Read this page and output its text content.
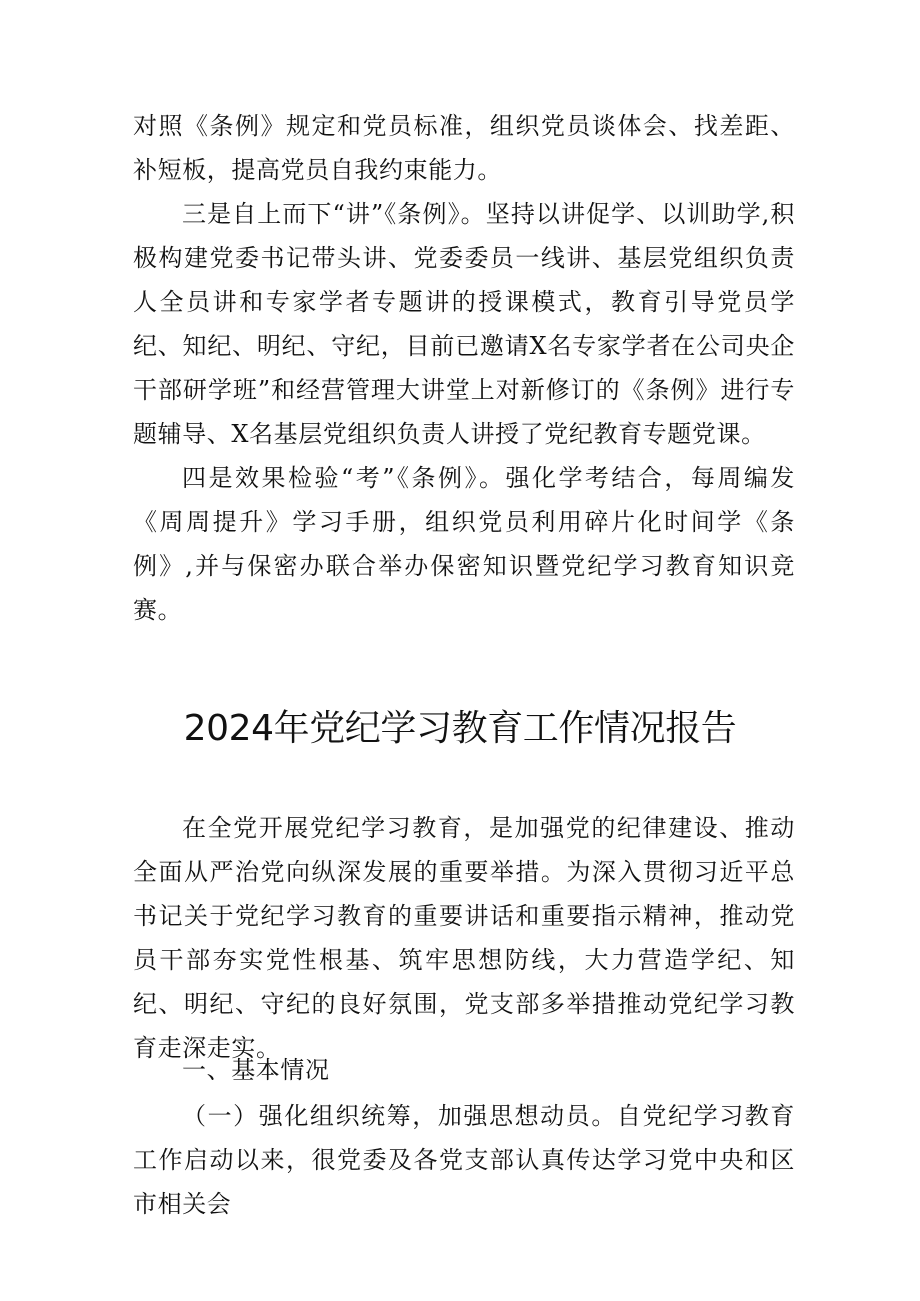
对照《条例》规定和党员标准，组织党员谈体会、找差距、补短板，提高党员自我约束能力。

三是自上而下“讲”《条例》。坚持以讲促学、以训助学,积极构建党委书记带头讲、党委委员一线讲、基层党组织负责人全员讲和专家学者专题讲的授课模式，教育引导党员学纪、知纪、明纪、守纪，目前已邀请X名专家学者在公司央企干部研学班”和经营管理大讲堂上对新修订的《条例》进行专题辅导、X名基层党组织负责人讲授了党纪教育专题党课。

四是效果检验“考”《条例》。强化学考结合，每周编发《周周提升》学习手册，组织党员利用碎片化时间学《条例》,并与保密办联合举办保密知识暨党纪学习教育知识竞赛。

2024年党纪学习教育工作情况报告

在全党开展党纪学习教育，是加强党的纪律建设、推动全面从严治党向纵深发展的重要举措。为深入贯彻习近平总书记关于党纪学习教育的重要讲话和重要指示精神，推动党员干部夯实党性根基、筑牢思想防线，大力营造学纪、知纪、明纪、守纪的良好氛围，党支部多举措推动党纪学习教育走深走实。

一、基本情况

（一）强化组织统筹，加强思想动员。自党纪学习教育工作启动以来，很党委及各党支部认真传达学习党中央和区市相关会
